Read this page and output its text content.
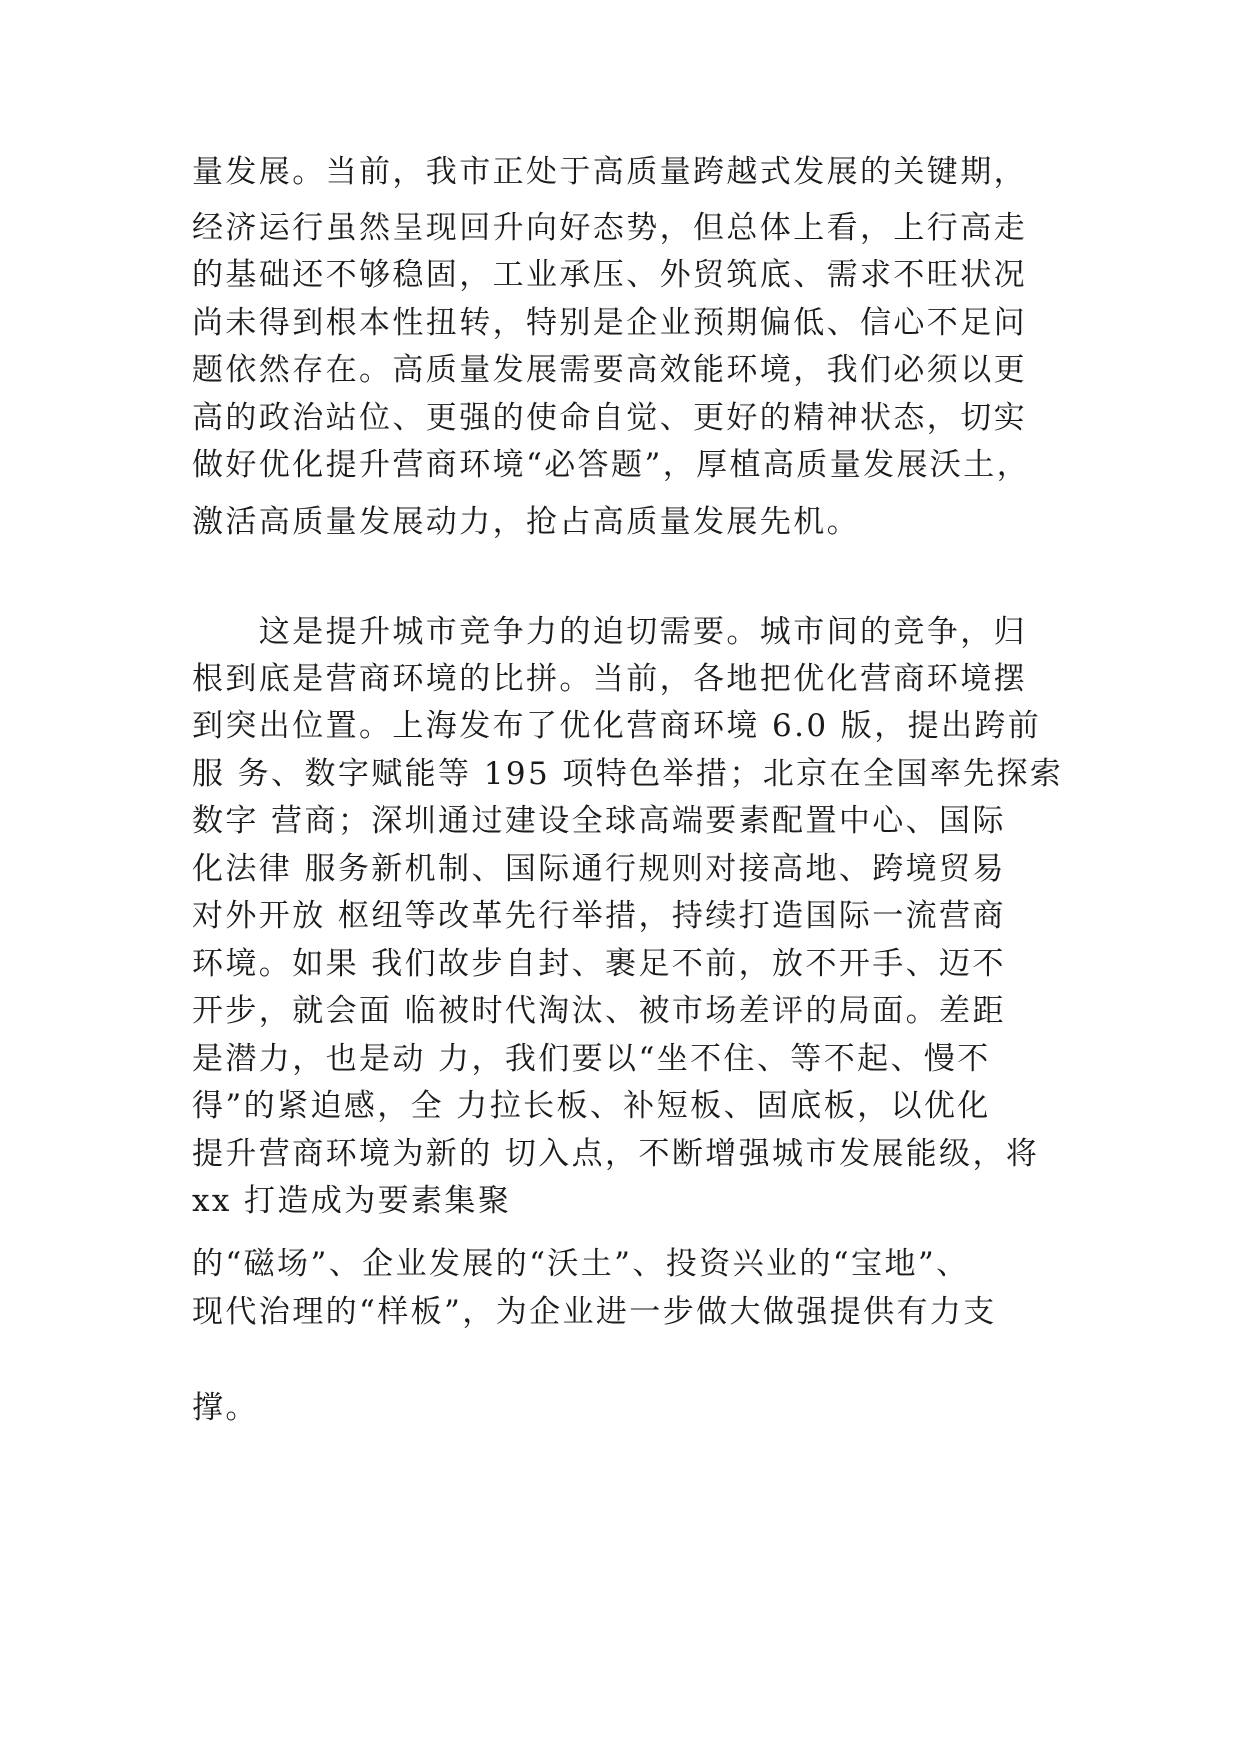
量发展。当前，我市正处于高质量跨越式发展的关键期，
经济运行虽然呈现回升向好态势，但总体上看，上行高走
的基础还不够稳固，工业承压、外贸筑底、需求不旺状况
尚未得到根本性扭转，特别是企业预期偏低、信心不足问
题依然存在。高质量发展需要高效能环境，我们必须以更
高的政治站位、更强的使命自觉、更好的精神状态，切实
做好优化提升营商环境“必答题”，厚植高质量发展沃土，
激活高质量发展动力，抢占高质量发展先机。
　　这是提升城市竞争力的迫切需要。城市间的竞争，归
根到底是营商环境的比拼。当前，各地把优化营商环境摆
到突出位置。上海发布了优化营商环境 6.0 版，提出跨前
服 务、数字赋能等 195 项特色举措；北京在全国率先探索
数字 营商；深圳通过建设全球高端要素配置中心、国际
化法律 服务新机制、国际通行规则对接高地、跨境贸易
对外开放 枢纽等改革先行举措，持续打造国际一流营商
环境。如果 我们故步自封、裹足不前，放不开手、迈不
开步，就会面 临被时代淘汰、被市场差评的局面。差距
是潜力，也是动 力，我们要以“坐不住、等不起、慢不
得”的紧迫感，全 力拉长板、补短板、固底板，以优化
提升营商环境为新的 切入点，不断增强城市发展能级，将
xx 打造成为要素集聚
的“磁场”、企业发展的“沃土”、投资兴业的“宝地”、
现代治理的“样板”，为企业进一步做大做强提供有力支
撑。
